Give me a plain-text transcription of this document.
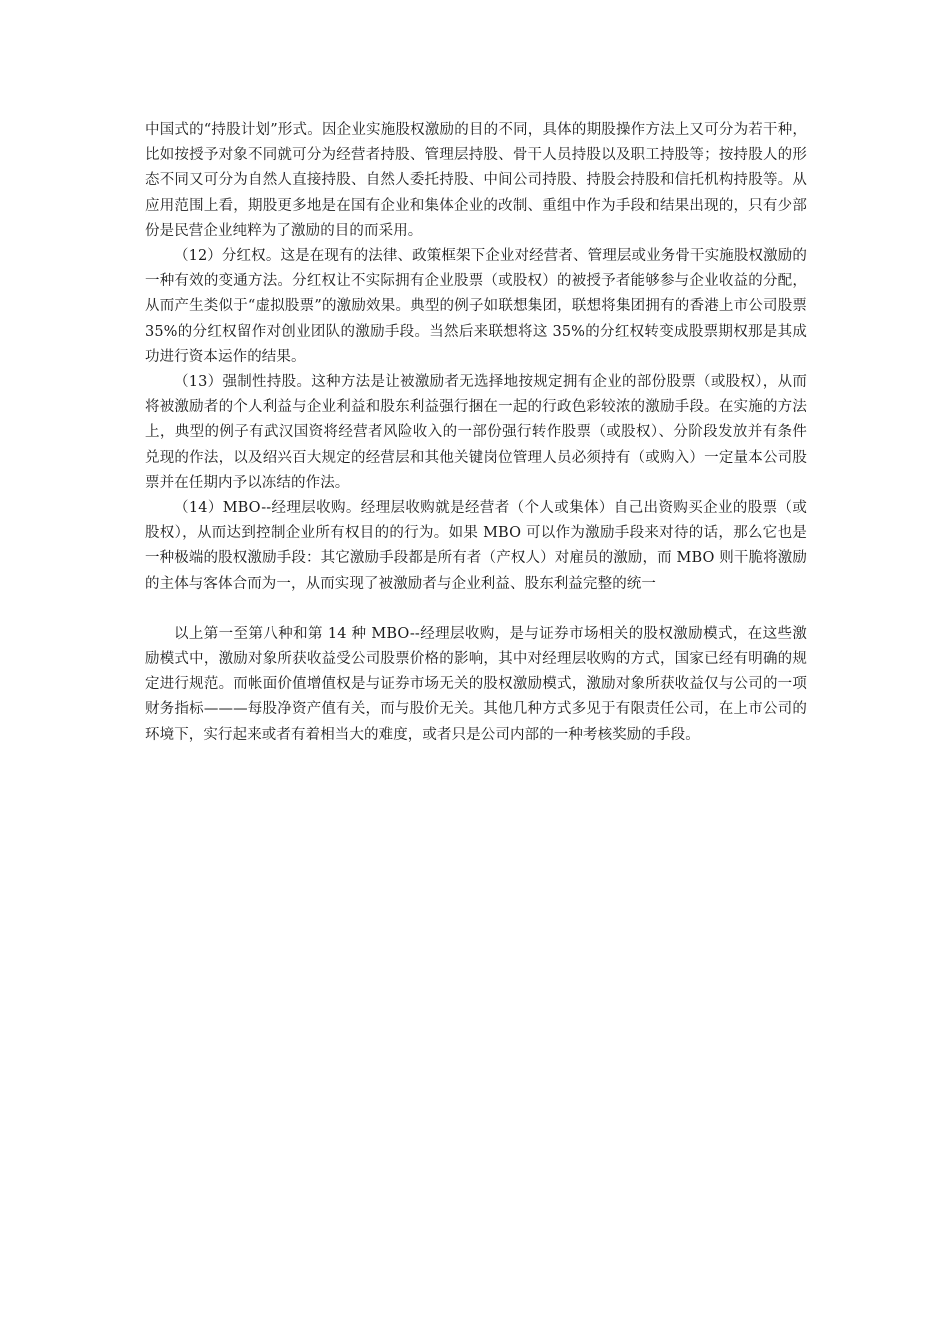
中国式的“持股计划”形式。因企业实施股权激励的目的不同，具体的期股操作方法上又可分为若干种，比如按授予对象不同就可分为经营者持股、管理层持股、骨干人员持股以及职工持股等；按持股人的形态不同又可分为自然人直接持股、自然人委托持股、中间公司持股、持股会持股和信托机构持股等。从应用范围上看，期股更多地是在国有企业和集体企业的改制、重组中作为手段和结果出现的，只有少部份是民营企业纯粹为了激励的目的而采用。

（12）分红权。这是在现有的法律、政策框架下企业对经营者、管理层或业务骨干实施股权激励的一种有效的变通方法。分红权让不实际拥有企业股票（或股权）的被授予者能够参与企业收益的分配，从而产生类似于“虚拟股票”的激励效果。典型的例子如联想集团，联想将集团拥有的香港上市公司股票 35%的分红权留作对创业团队的激励手段。当然后来联想将这 35%的分红权转变成股票期权那是其成功进行资本运作的结果。

（13）强制性持股。这种方法是让被激励者无选择地按规定拥有企业的部份股票（或股权），从而将被激励者的个人利益与企业利益和股东利益强行捆在一起的行政色彩较浓的激励手段。在实施的方法上，典型的例子有武汉国资将经营者风险收入的一部份强行转作股票（或股权）、分阶段发放并有条件兑现的作法，以及绍兴百大规定的经营层和其他关键岗位管理人员必须持有（或购入）一定量本公司股票并在任期内予以冻结的作法。

（14）MBO--经理层收购。经理层收购就是经营者（个人或集体）自己出资购买企业的股票（或股权），从而达到控制企业所有权目的的行为。如果 MBO 可以作为激励手段来对待的话，那么它也是一种极端的股权激励手段：其它激励手段都是所有者（产权人）对雇员的激励，而 MBO 则干脆将激励的主体与客体合而为一，从而实现了被激励者与企业利益、股东利益完整的统一

以上第一至第八种和第 14 种 MBO--经理层收购，是与证券市场相关的股权激励模式，在这些激励模式中，激励对象所获收益受公司股票价格的影响，其中对经理层收购的方式，国家已经有明确的规定进行规范。而帐面价值增值权是与证券市场无关的股权激励模式，激励对象所获收益仅与公司的一项财务指标———每股净资产值有关，而与股价无关。其他几种方式多见于有限责任公司，在上市公司的环境下，实行起来或者有着相当大的难度，或者只是公司内部的一种考核奖励的手段。
